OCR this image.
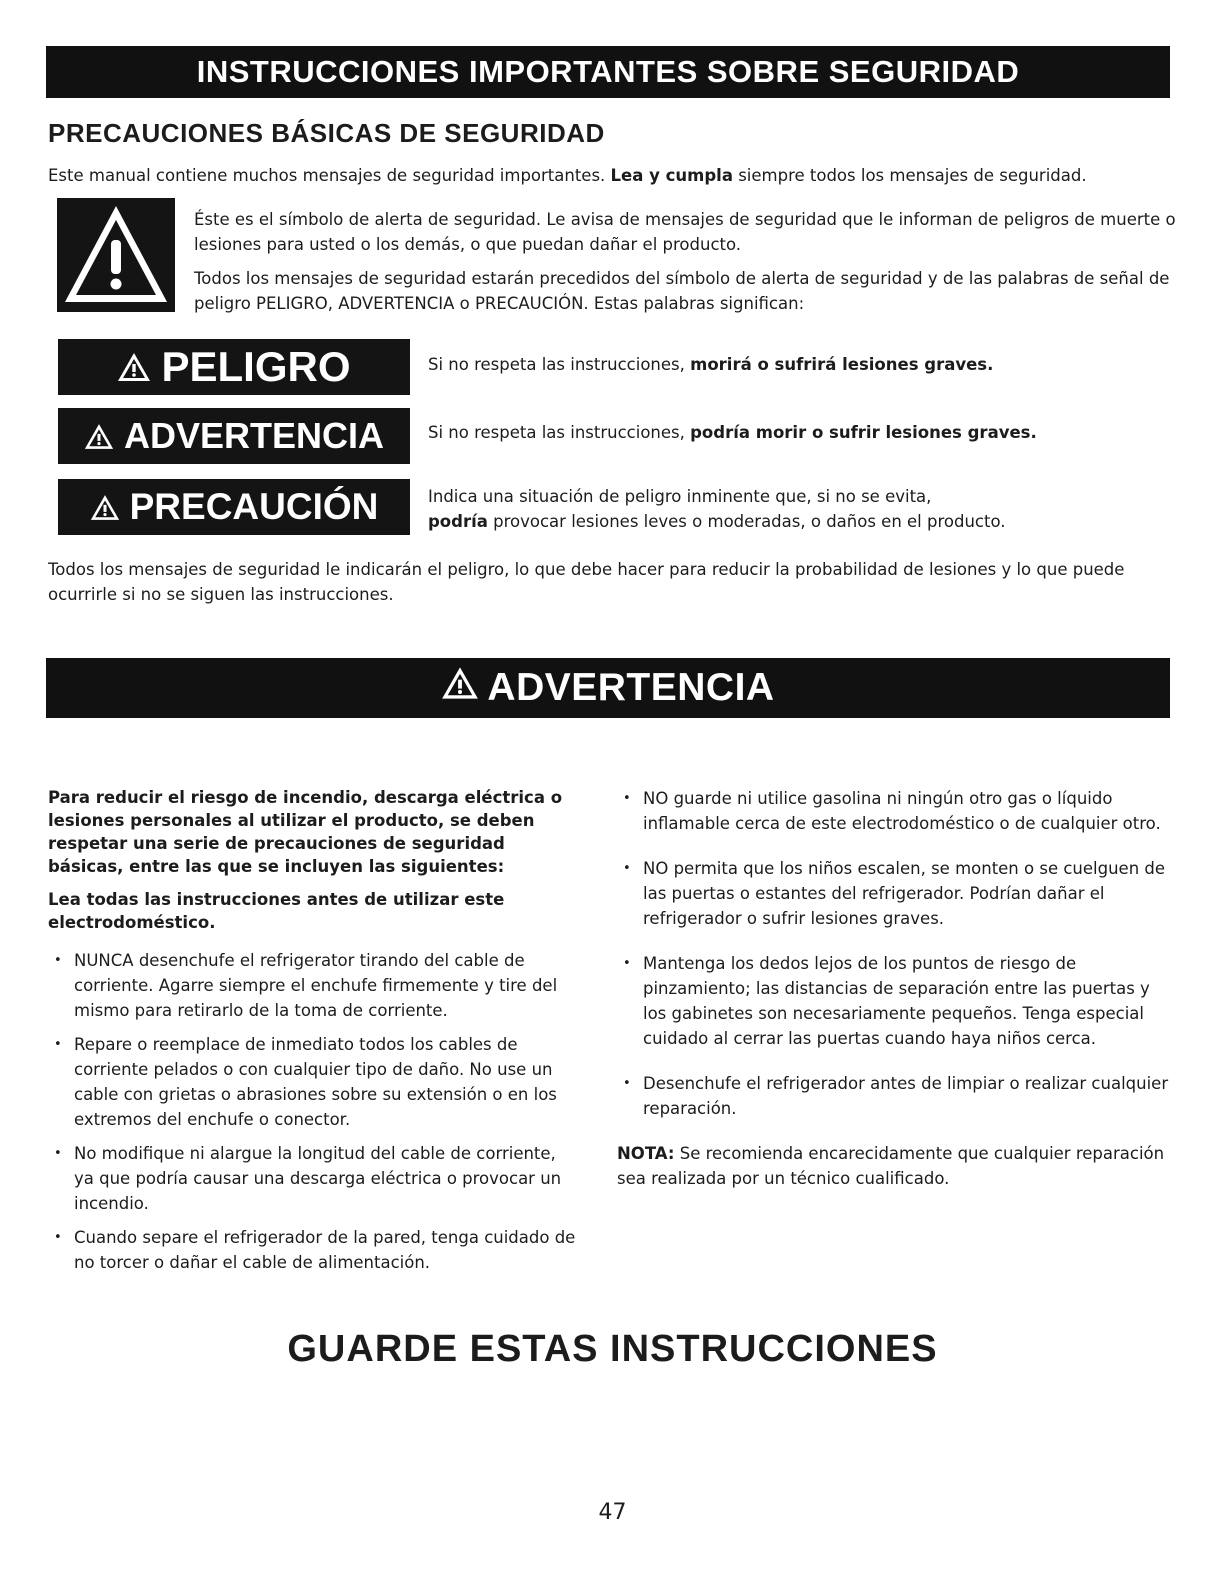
INSTRUCCIONES IMPORTANTES SOBRE SEGURIDAD
PRECAUCIONES BÁSICAS DE SEGURIDAD

Este manual contiene muchos mensajes de seguridad importantes. Lea y cumpla siempre todos los mensajes de seguridad.

Éste es el símbolo de alerta de seguridad. Le avisa de mensajes de seguridad que le informan de peligros de muerte o lesiones para usted o los demás, o que puedan dañar el producto.

Todos los mensajes de seguridad estarán precedidos del símbolo de alerta de seguridad y de las palabras de señal de peligro PELIGRO, ADVERTENCIA o PRECAUCIÓN. Estas palabras significan:

PELIGRO	Si no respeta las instrucciones, morirá o sufrirá lesiones graves.

ADVERTENCIA	Si no respeta las instrucciones, podría morir o sufrir lesiones graves.

PRECAUCIÓN	Indica una situación de peligro inminente que, si no se evita,
podría provocar lesiones leves o moderadas, o daños en el producto.

Todos los mensajes de seguridad le indicarán el peligro, lo que debe hacer para reducir la probabilidad de lesiones y lo que puede ocurrirle si no se siguen las instrucciones.

ADVERTENCIA

Para reducir el riesgo de incendio, descarga eléctrica o lesiones personales al utilizar el producto, se deben respetar una serie de precauciones de seguridad básicas, entre las que se incluyen las siguientes:

Lea todas las instrucciones antes de utilizar este electrodoméstico.

• NUNCA desenchufe el refrigerator tirando del cable de corriente. Agarre siempre el enchufe firmemente y tire del mismo para retirarlo de la toma de corriente.
• Repare o reemplace de inmediato todos los cables de corriente pelados o con cualquier tipo de daño. No use un cable con grietas o abrasiones sobre su extensión o en los extremos del enchufe o conector.
• No modifique ni alargue la longitud del cable de corriente, ya que podría causar una descarga eléctrica o provocar un incendio.
• Cuando separe el refrigerador de la pared, tenga cuidado de no torcer o dañar el cable de alimentación.
• NO guarde ni utilice gasolina ni ningún otro gas o líquido inflamable cerca de este electrodoméstico o de cualquier otro.
• NO permita que los niños escalen, se monten o se cuelguen de las puertas o estantes del refrigerador. Podrían dañar el refrigerador o sufrir lesiones graves.
• Mantenga los dedos lejos de los puntos de riesgo de pinzamiento; las distancias de separación entre las puertas y los gabinetes son necesariamente pequeños. Tenga especial cuidado al cerrar las puertas cuando haya niños cerca.
• Desenchufe el refrigerador antes de limpiar o realizar cualquier reparación.

NOTA: Se recomienda encarecidamente que cualquier reparación sea realizada por un técnico cualificado.

GUARDE ESTAS INSTRUCCIONES
47
